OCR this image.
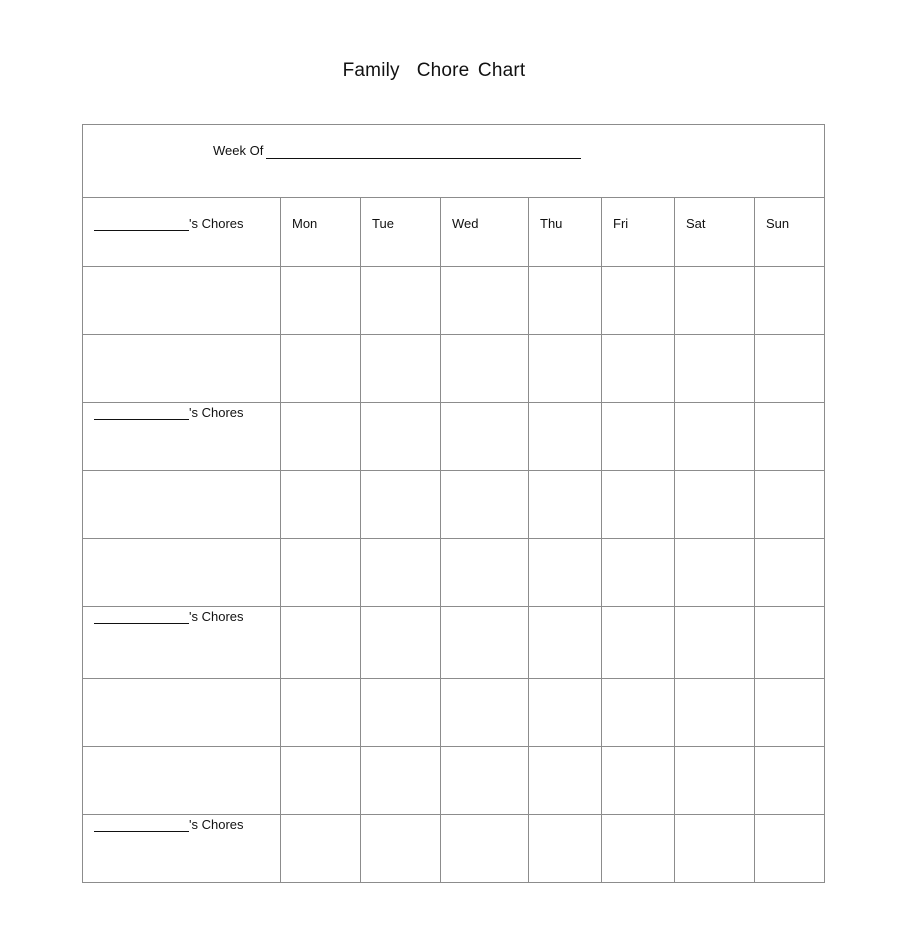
Family  Chore Chart
Week Of							

's Chores	Mon	Tue	Wed	Thu	Fri	Sat	Sun

's Chores							

's Chores							

's Chores							
